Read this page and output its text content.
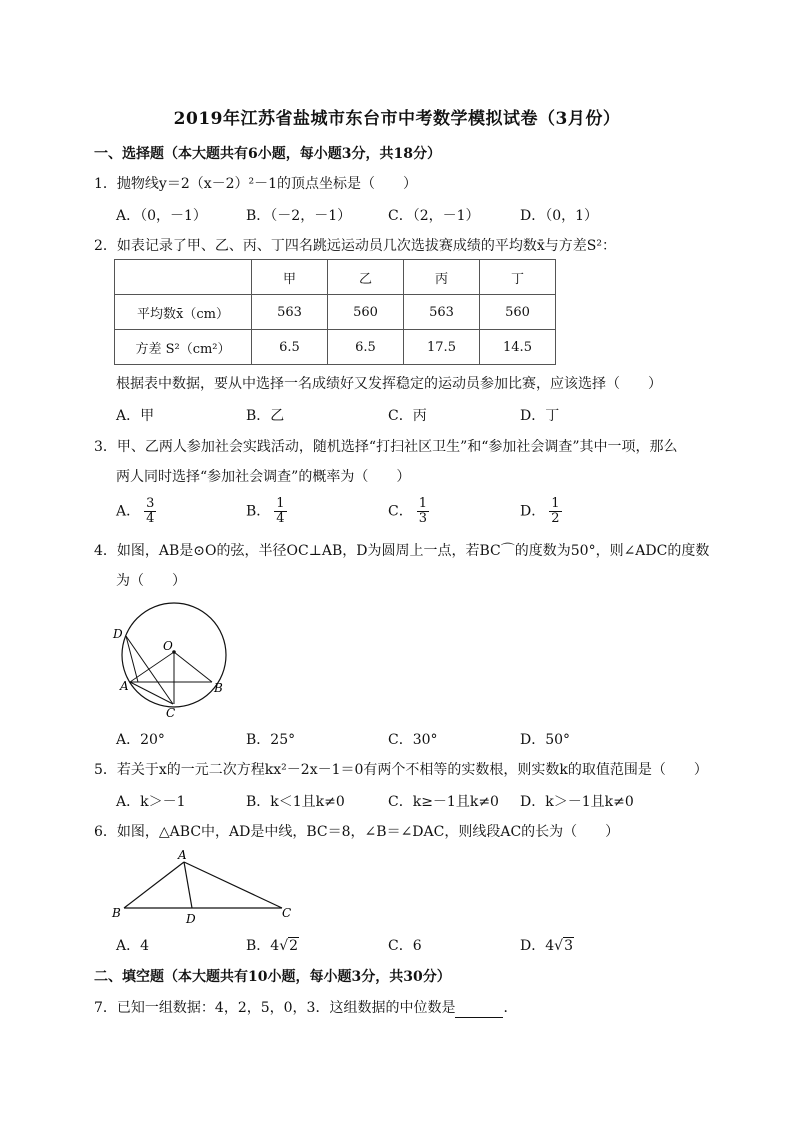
2019年江苏省盐城市东台市中考数学模拟试卷（3月份）
一、选择题（本大题共有6小题，每小题3分，共18分）
1．抛物线y＝2（x－2）²－1的顶点坐标是（　　）
A．（0，－1）	B．（－2，－1）	C．（2，－1）	D．（0，1）
2．如表记录了甲、乙、丙、丁四名跳远运动员几次选拔赛成绩的平均数x̄与方差S²：
	甲	乙	丙	丁
平均数x̄（cm）	563	560	563	560
方差 S²（cm²）	6.5	6.5	17.5	14.5
根据表中数据，要从中选择一名成绩好又发挥稳定的运动员参加比赛，应该选择（　　）
A．甲	B．乙	C．丙	D．丁
3．甲、乙两人参加社会实践活动，随机选择“打扫社区卫生”和“参加社会调查”其中一项，那么
两人同时选择“参加社会调查”的概率为（　　）
A． $\frac{3}{4}$	B． $\frac{1}{4}$	C． $\frac{1}{3}$	D． $\frac{1}{2}$
4．如图，AB是⊙O的弦，半径OC⊥AB，D为圆周上一点，若BC⌒的度数为50°，则∠ADC的度数
为（　　）
D
O
A	B
C
A．20°	B．25°	C．30°	D．50°
5．若关于x的一元二次方程kx²－2x－1＝0有两个不相等的实数根，则实数k的取值范围是（　　）
A．k＞－1	B．k＜1且k≠0	C．k≥－1且k≠0 D．k＞－1且k≠0
6．如图，△ABC中，AD是中线，BC＝8，∠B＝∠DAC，则线段AC的长为（　　）
A
B	C
D
A．4	B．4√2	C．6	D．4√3
二、填空题（本大题共有10小题，每小题3分，共30分）
7．已知一组数据：4，2，5，0，3．这组数据的中位数是	．
